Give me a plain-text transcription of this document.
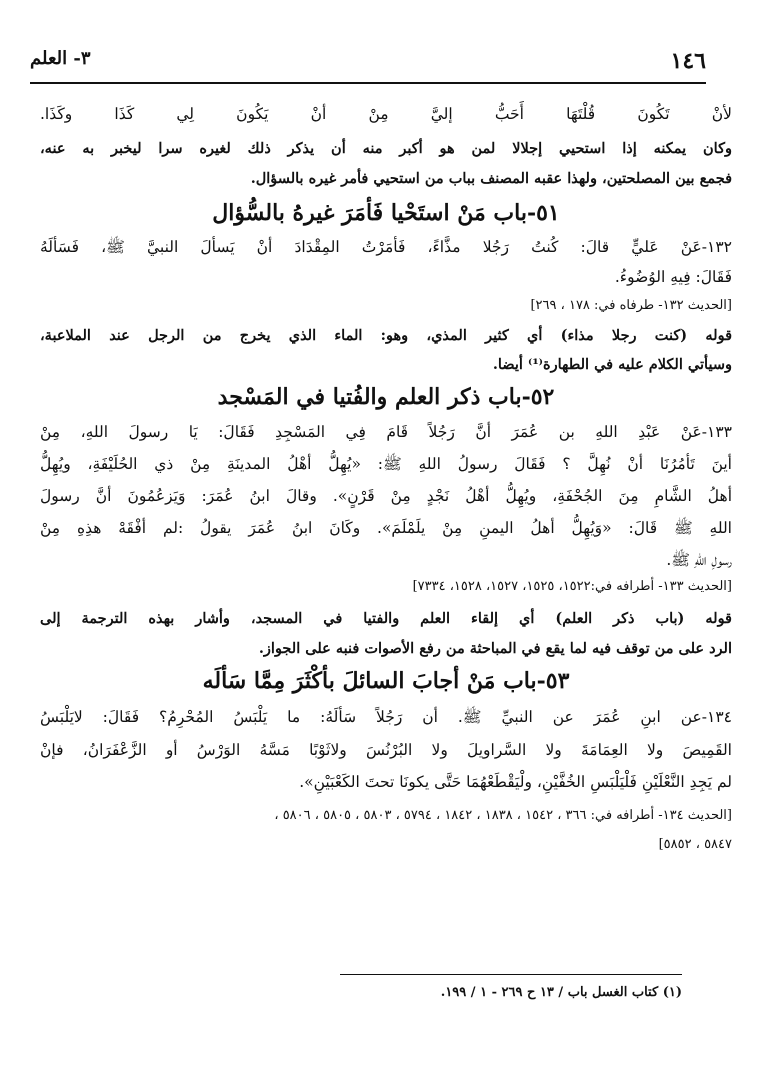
١٤٦
٣- العلم
لأنْ تَكُونَ قُلْتَهَا أَحَبُّ إليَّ مِنْ أنْ يَكُونَ لِي كَذَا وكَذَا.
وكان يمكنه إذا استحيي إجلالا لمن هو أكبر منه أن يذكر ذلك لغيره سرا ليخبر به عنه،
فجمع بين المصلحتين، ولهذا عقبه المصنف بباب من استحيي فأمر غيره بالسؤال.
٥١-باب مَنْ استَحْيا فَأمَرَ غيرهُ بالسُّؤال
١٣٢-عَنْ عَليٍّ قالَ: كُنتُ رَجُلا مذَّاءً، فَأمَرْتُ المِقْدَادَ أنْ يَسألَ النبيَّ ﷺ، فَسَألَهُ
فَقَالَ: فِيهِ الوُضُوءُ.
[الحديث ١٣٢- طرفاه في: ١٧٨ ، ٢٦٩]
قوله (كنت رجلا مذاء) أي كثير المذي، وهو: الماء الذي يخرج من الرجل عند الملاعبة،
وسيأتي الكلام عليه في الطهارة⁽¹⁾ أيضا.
٥٢-باب ذكر العلم والفُتيا في المَسْجد
١٣٣-عَنْ عَبْدِ اللهِ بن عُمَرَ أنَّ رَجُلاً قَامَ فِي المَسْجِدِ فَقَالَ: يَا رسولَ اللهِ، مِنْ
أينَ تَأمُرُنَا أنْ نُهِلَّ ؟ فَقَالَ رسولُ اللهِ ﷺ: «يُهِلُّ أهْلُ المدينَةِ مِنْ ذي الحُلَيْفَةِ، ويُهِلُّ
أهلُ الشَّامِ مِنَ الجُحْفَةِ، ويُهِلُّ أهْلُ نَجْدٍ مِنْ قَرْنٍ». وقالَ ابنُ عُمَرَ: وَيَزعُمُونَ أنَّ رسولَ
اللهِ ﷺ قَالَ: «وَيُهِلُّ أهلُ اليمنِ مِنْ يلَمْلَمَ». وكَانَ ابنُ عُمَرَ يقولُ :لم أفْقَهْ هذِهِ مِنْ
رسولِ اللهِ ﷺ.
[الحديث ١٣٣- أطرافه في:١٥٢٢، ١٥٢٥، ١٥٢٧، ١٥٢٨، ٧٣٣٤]
قوله (باب ذكر العلم) أي إلقاء العلم والفتيا في المسجد، وأشار بهذه الترجمة إلى
الرد على من توقف فيه لما يقع في المباحثة من رفع الأصوات فنبه على الجواز.
٥٣-باب مَنْ أجابَ السائلَ بأكْثَرَ مِمَّا سَألَه
١٣٤-عن ابنِ عُمَرَ عن النبيِّ ﷺ. أن رَجُلاً سَألَهُ: ما يَلْبَسُ المُحْرِمُ؟ فَقَالَ: لايَلْبَسُ
القَمِيصَ ولا العِمَامَةَ ولا السَّراويلَ ولا البُرْنُسَ ولاثَوْبًا مَسَّهُ الوَرْسُ أو الزَّعْفَرَانُ، فإنْ
لم يَجِدِ النَّعْلَيْنِ فَلْيَلْبَسِ الخُفَّيْنِ، ولْيَقْطَعْهُمَا حَتَّى يكونَا تحتَ الكَعْبَيْنِ».
[الحديث ١٣٤- أطرافه في: ٣٦٦ ، ١٥٤٢ ، ١٨٣٨ ، ١٨٤٢ ، ٥٧٩٤ ، ٥٨٠٣ ، ٥٨٠٥ ، ٥٨٠٦ ،
٥٨٤٧ ، ٥٨٥٢]
(١) كتاب الغسل باب / ١٣ ح ٢٦٩ - ١ / ١٩٩.
